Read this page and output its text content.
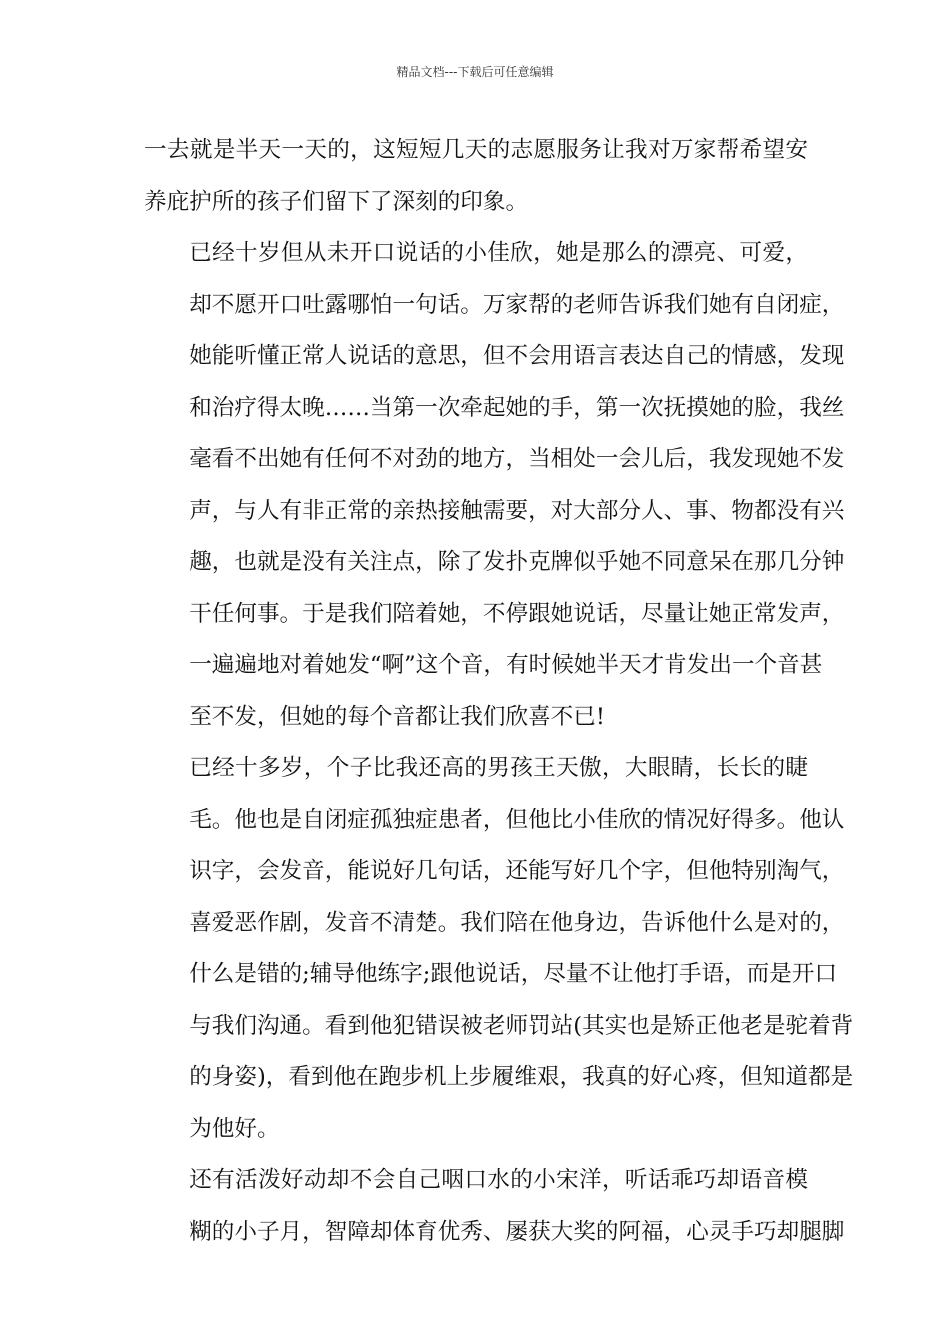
精品文档---下载后可任意编辑
一去就是半天一天的，这短短几天的志愿服务让我对万家帮希望安
养庇护所的孩子们留下了深刻的印象。
已经十岁但从未开口说话的小佳欣，她是那么的漂亮、可爱，
却不愿开口吐露哪怕一句话。万家帮的老师告诉我们她有自闭症，
她能听懂正常人说话的意思，但不会用语言表达自己的情感，发现
和治疗得太晚……当第一次牵起她的手，第一次抚摸她的脸，我丝
毫看不出她有任何不对劲的地方，当相处一会儿后，我发现她不发
声，与人有非正常的亲热接触需要，对大部分人、事、物都没有兴
趣，也就是没有关注点，除了发扑克牌似乎她不同意呆在那几分钟
干任何事。于是我们陪着她，不停跟她说话，尽量让她正常发声，
一遍遍地对着她发“啊”这个音，有时候她半天才肯发出一个音甚
至不发，但她的每个音都让我们欣喜不已!
已经十多岁，个子比我还高的男孩王天傲，大眼睛，长长的睫
毛。他也是自闭症孤独症患者，但他比小佳欣的情况好得多。他认
识字，会发音，能说好几句话，还能写好几个字，但他特别淘气，
喜爱恶作剧，发音不清楚。我们陪在他身边，告诉他什么是对的，
什么是错的;辅导他练字;跟他说话，尽量不让他打手语，而是开口
与我们沟通。看到他犯错误被老师罚站(其实也是矫正他老是驼着背
的身姿)，看到他在跑步机上步履维艰，我真的好心疼，但知道都是
为他好。
还有活泼好动却不会自己咽口水的小宋洋，听话乖巧却语音模
糊的小子月，智障却体育优秀、屡获大奖的阿福，心灵手巧却腿脚
